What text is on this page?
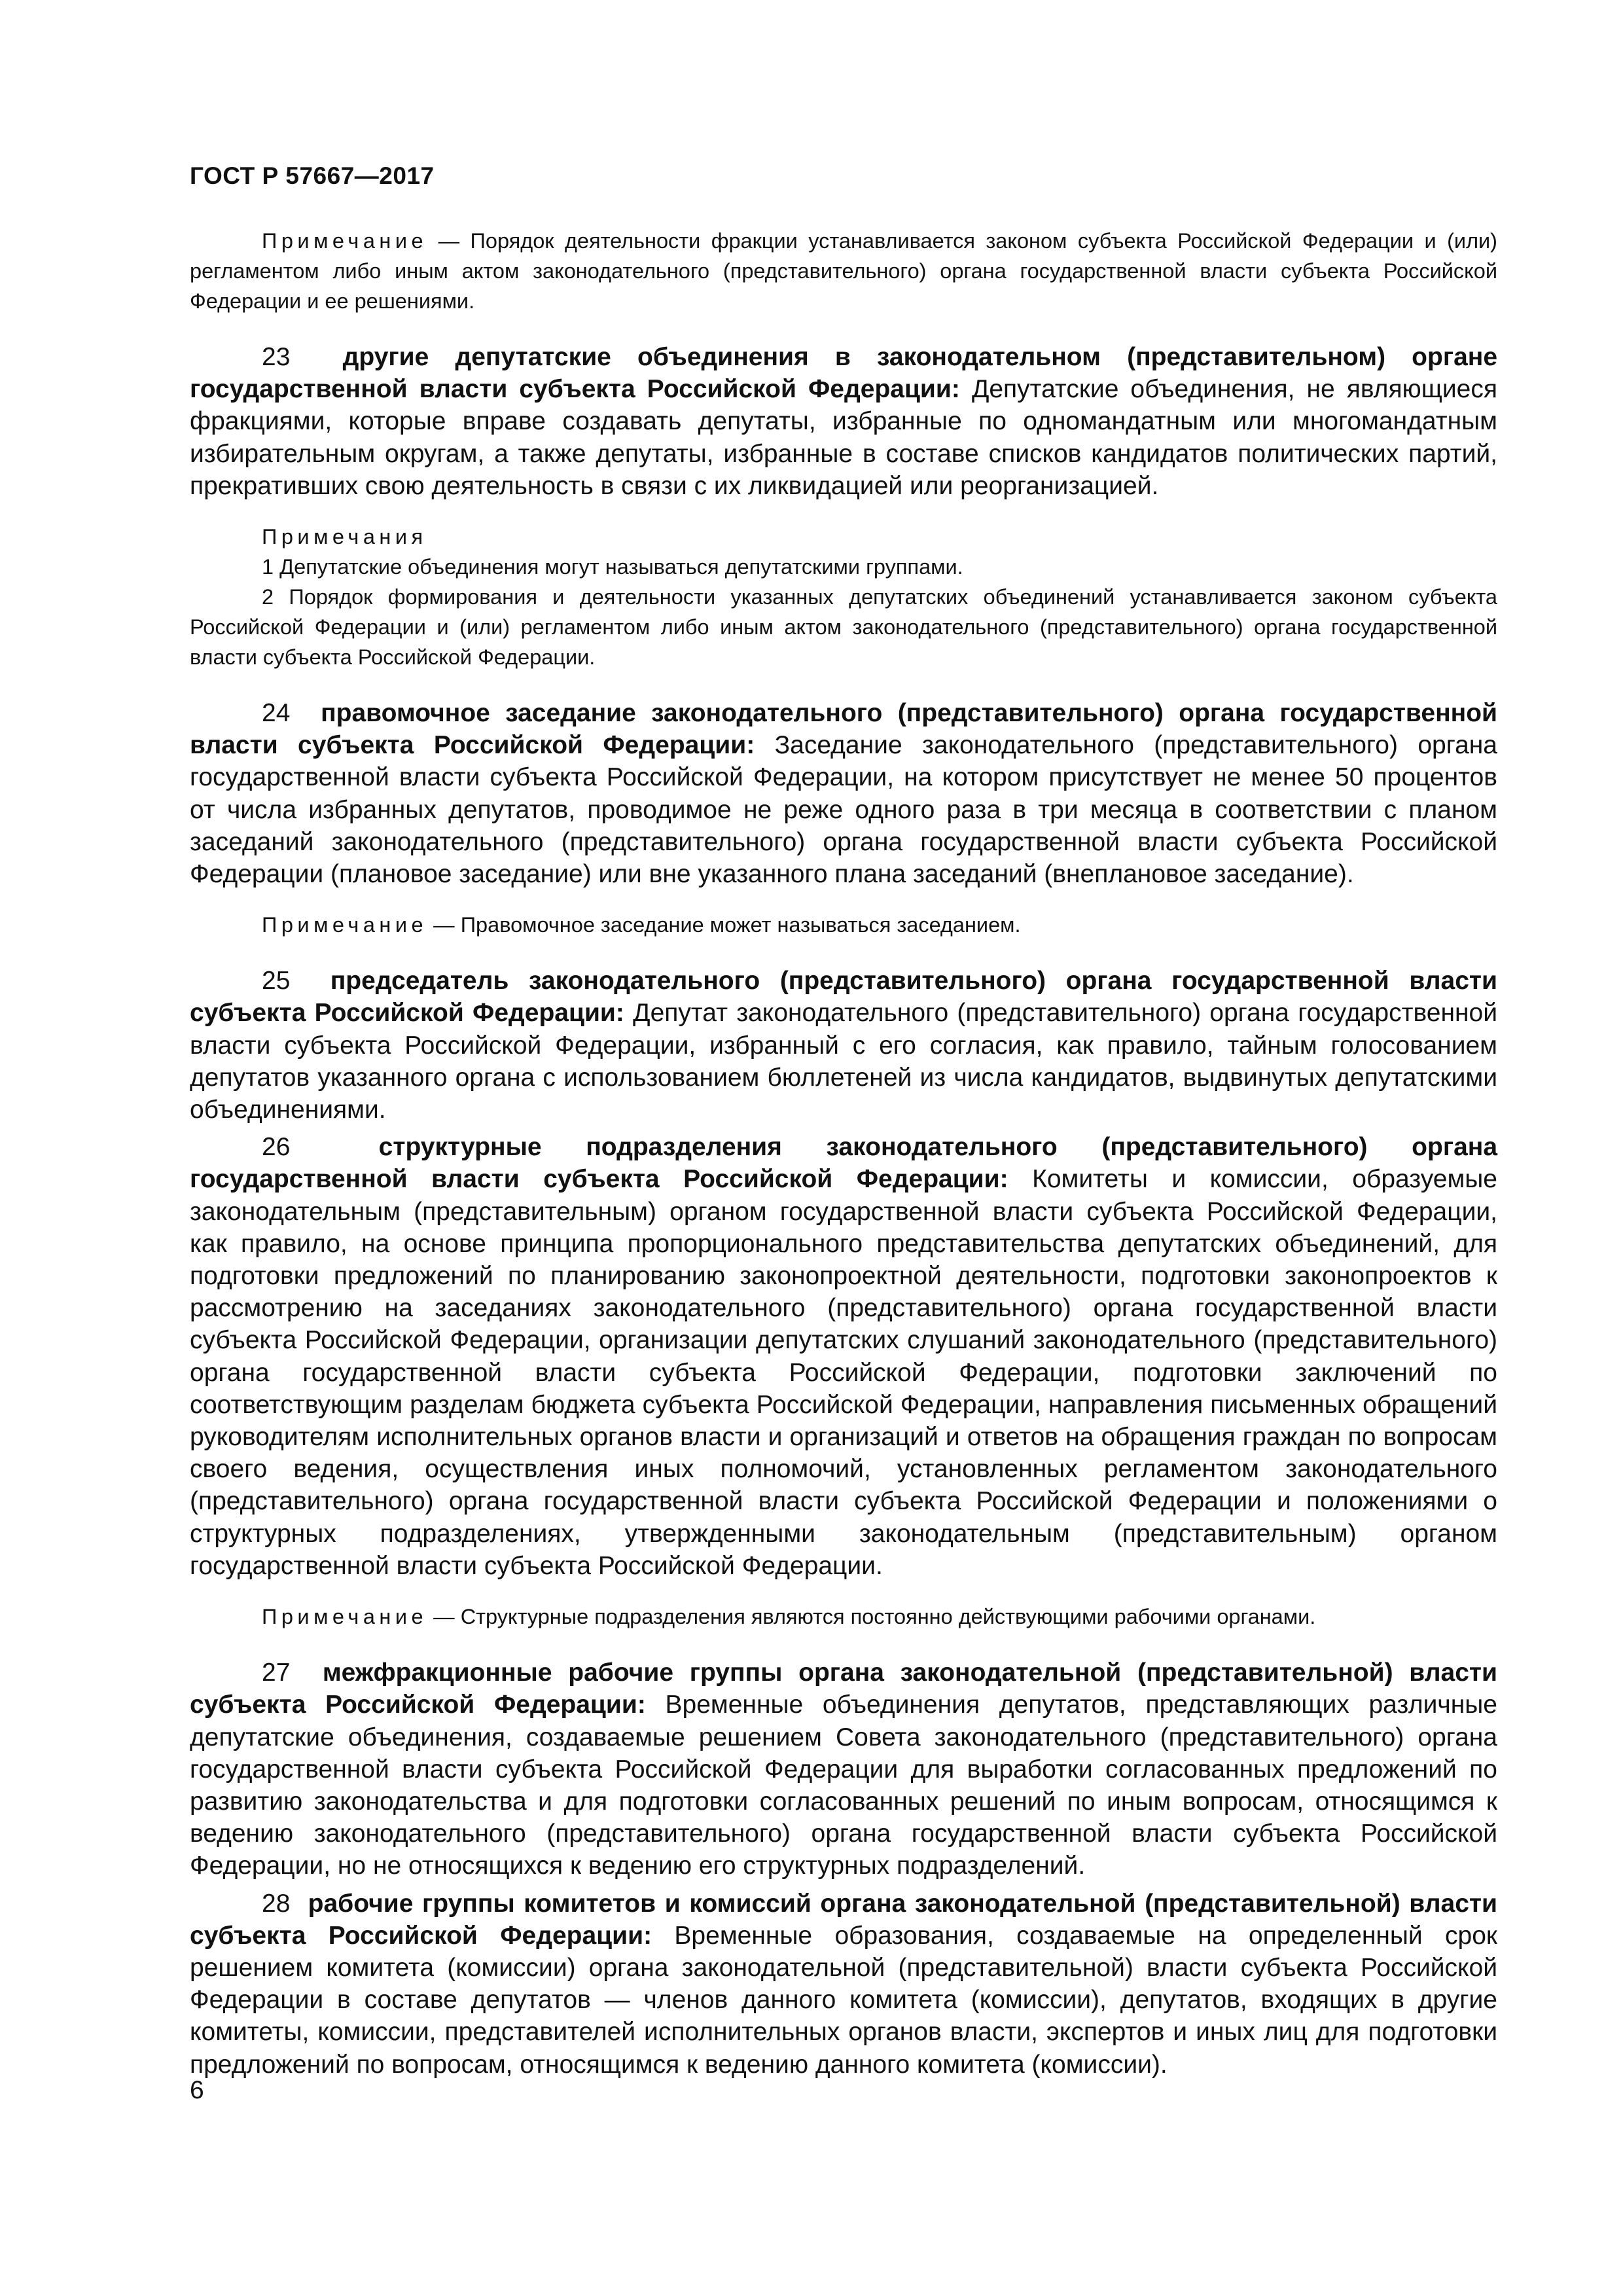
ГОСТ Р 57667—2017

Примечание — Порядок деятельности фракции устанавливается законом субъекта Российской Федерации и (или) регламентом либо иным актом законодательного (представительного) органа государственной власти субъекта Российской Федерации и ее решениями.

23 другие депутатские объединения в законодательном (представительном) органе государственной власти субъекта Российской Федерации: Депутатские объединения, не являющиеся фракциями, которые вправе создавать депутаты, избранные по одномандатным или многомандатным избирательным округам, а также депутаты, избранные в составе списков кандидатов политических партий, прекративших свою деятельность в связи с их ликвидацией или реорганизацией.

Примечания

1 Депутатские объединения могут называться депутатскими группами.

2 Порядок формирования и деятельности указанных депутатских объединений устанавливается законом субъекта Российской Федерации и (или) регламентом либо иным актом законодательного (представительного) органа государственной власти субъекта Российской Федерации.

24 правомочное заседание законодательного (представительного) органа государственной власти субъекта Российской Федерации: Заседание законодательного (представительного) органа государственной власти субъекта Российской Федерации, на котором присутствует не менее 50 процентов от числа избранных депутатов, проводимое не реже одного раза в три месяца в соответствии с планом заседаний законодательного (представительного) органа государственной власти субъекта Российской Федерации (плановое заседание) или вне указанного плана заседаний (внеплановое заседание).

Примечание — Правомочное заседание может называться заседанием.

25 председатель законодательного (представительного) органа государственной власти субъекта Российской Федерации: Депутат законодательного (представительного) органа государственной власти субъекта Российской Федерации, избранный с его согласия, как правило, тайным голосованием депутатов указанного органа с использованием бюллетеней из числа кандидатов, выдвинутых депутатскими объединениями.

26	структурные подразделения законодательного (представительного) органа государственной власти субъекта Российской Федерации: Комитеты и комиссии, образуемые законодательным (представительным) органом государственной власти субъекта Российской Федерации, как правило, на основе принципа пропорционального представительства депутатских объединений, для подготовки предложений по планированию законопроектной деятельности, подготовки законопроектов к рассмотрению на заседаниях законодательного (представительного) органа государственной власти субъекта Российской Федерации, организации депутатских слушаний законодательного (представительного) органа государственной власти субъекта Российской Федерации, подготовки заключений по соответствующим разделам бюджета субъекта Российской Федерации, направления письменных обращений руководителям исполнительных органов власти и организаций и ответов на обращения граждан по вопросам своего ведения, осуществления иных полномочий, установленных регламентом законодательного (представительного) органа государственной власти субъекта Российской Федерации и положениями о структурных подразделениях, утвержденными законодательным (представительным) органом государственной власти субъекта Российской Федерации.

Примечание — Структурные подразделения являются постоянно действующими рабочими органами.

27 межфракционные рабочие группы органа законодательной (представительной) власти субъекта Российской Федерации: Временные объединения депутатов, представляющих различные депутатские объединения, создаваемые решением Совета законодательного (представительного) органа государственной власти субъекта Российской Федерации для выработки согласованных предложений по развитию законодательства и для подготовки согласованных решений по иным вопросам, относящимся к ведению законодательного (представительного) органа государственной власти субъекта Российской Федерации, но не относящихся к ведению его структурных подразделений.

28 рабочие группы комитетов и комиссий органа законодательной (представительной) власти субъекта Российской Федерации: Временные образования, создаваемые на определенный срок решением комитета (комиссии) органа законодательной (представительной) власти субъекта Российской Федерации в составе депутатов — членов данного комитета (комиссии), депутатов, входящих в другие комитеты, комиссии, представителей исполнительных органов власти, экспертов и иных лиц для подготовки предложений по вопросам, относящимся к ведению данного комитета (комиссии).

6
